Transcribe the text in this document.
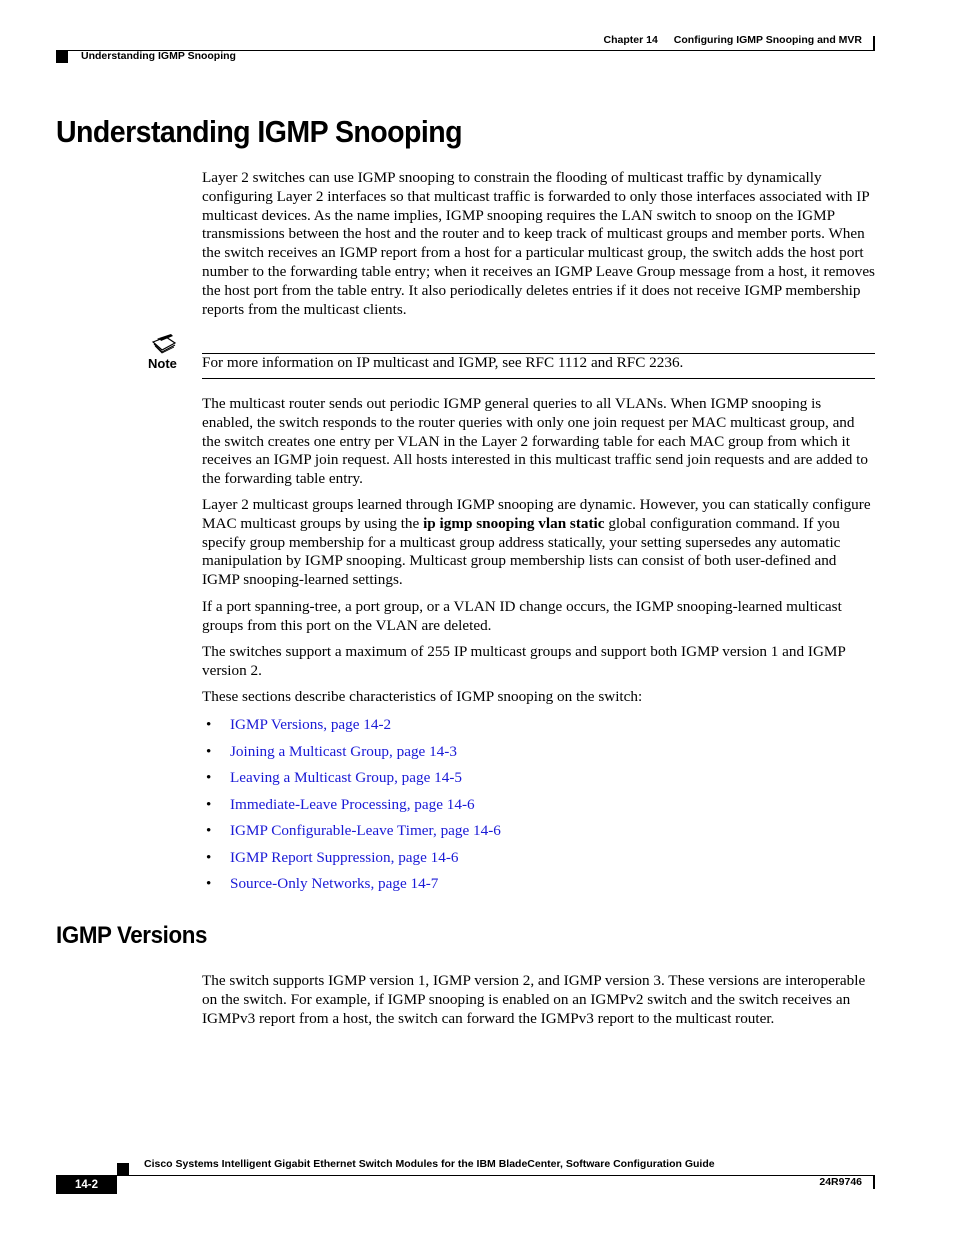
Chapter 14 Configuring IGMP Snooping and MVR
Understanding IGMP Snooping
Understanding IGMP Snooping

Layer 2 switches can use IGMP snooping to constrain the flooding of multicast traffic by dynamically configuring Layer 2 interfaces so that multicast traffic is forwarded to only those interfaces associated with IP multicast devices. As the name implies, IGMP snooping requires the LAN switch to snoop on the IGMP transmissions between the host and the router and to keep track of multicast groups and member ports. When the switch receives an IGMP report from a host for a particular multicast group, the switch adds the host port number to the forwarding table entry; when it receives an IGMP Leave Group message from a host, it removes the host port from the table entry. It also periodically deletes entries if it does not receive IGMP membership reports from the multicast clients.

Note For more information on IP multicast and IGMP, see RFC 1112 and RFC 2236.

The multicast router sends out periodic IGMP general queries to all VLANs. When IGMP snooping is enabled, the switch responds to the router queries with only one join request per MAC multicast group, and the switch creates one entry per VLAN in the Layer 2 forwarding table for each MAC group from which it receives an IGMP join request. All hosts interested in this multicast traffic send join requests and are added to the forwarding table entry.

Layer 2 multicast groups learned through IGMP snooping are dynamic. However, you can statically configure MAC multicast groups by using the ip igmp snooping vlan static global configuration command. If you specify group membership for a multicast group address statically, your setting supersedes any automatic manipulation by IGMP snooping. Multicast group membership lists can consist of both user-defined and IGMP snooping-learned settings.

If a port spanning-tree, a port group, or a VLAN ID change occurs, the IGMP snooping-learned multicast groups from this port on the VLAN are deleted.

The switches support a maximum of 255 IP multicast groups and support both IGMP version 1 and IGMP version 2.

These sections describe characteristics of IGMP snooping on the switch:

• IGMP Versions, page 14-2
• Joining a Multicast Group, page 14-3
• Leaving a Multicast Group, page 14-5
• Immediate-Leave Processing, page 14-6
• IGMP Configurable-Leave Timer, page 14-6
• IGMP Report Suppression, page 14-6
• Source-Only Networks, page 14-7
IGMP Versions

The switch supports IGMP version 1, IGMP version 2, and IGMP version 3. These versions are interoperable on the switch. For example, if IGMP snooping is enabled on an IGMPv2 switch and the switch receives an IGMPv3 report from a host, the switch can forward the IGMPv3 report to the multicast router.

Cisco Systems Intelligent Gigabit Ethernet Switch Modules for the IBM BladeCenter, Software Configuration Guide
14-2	24R9746
